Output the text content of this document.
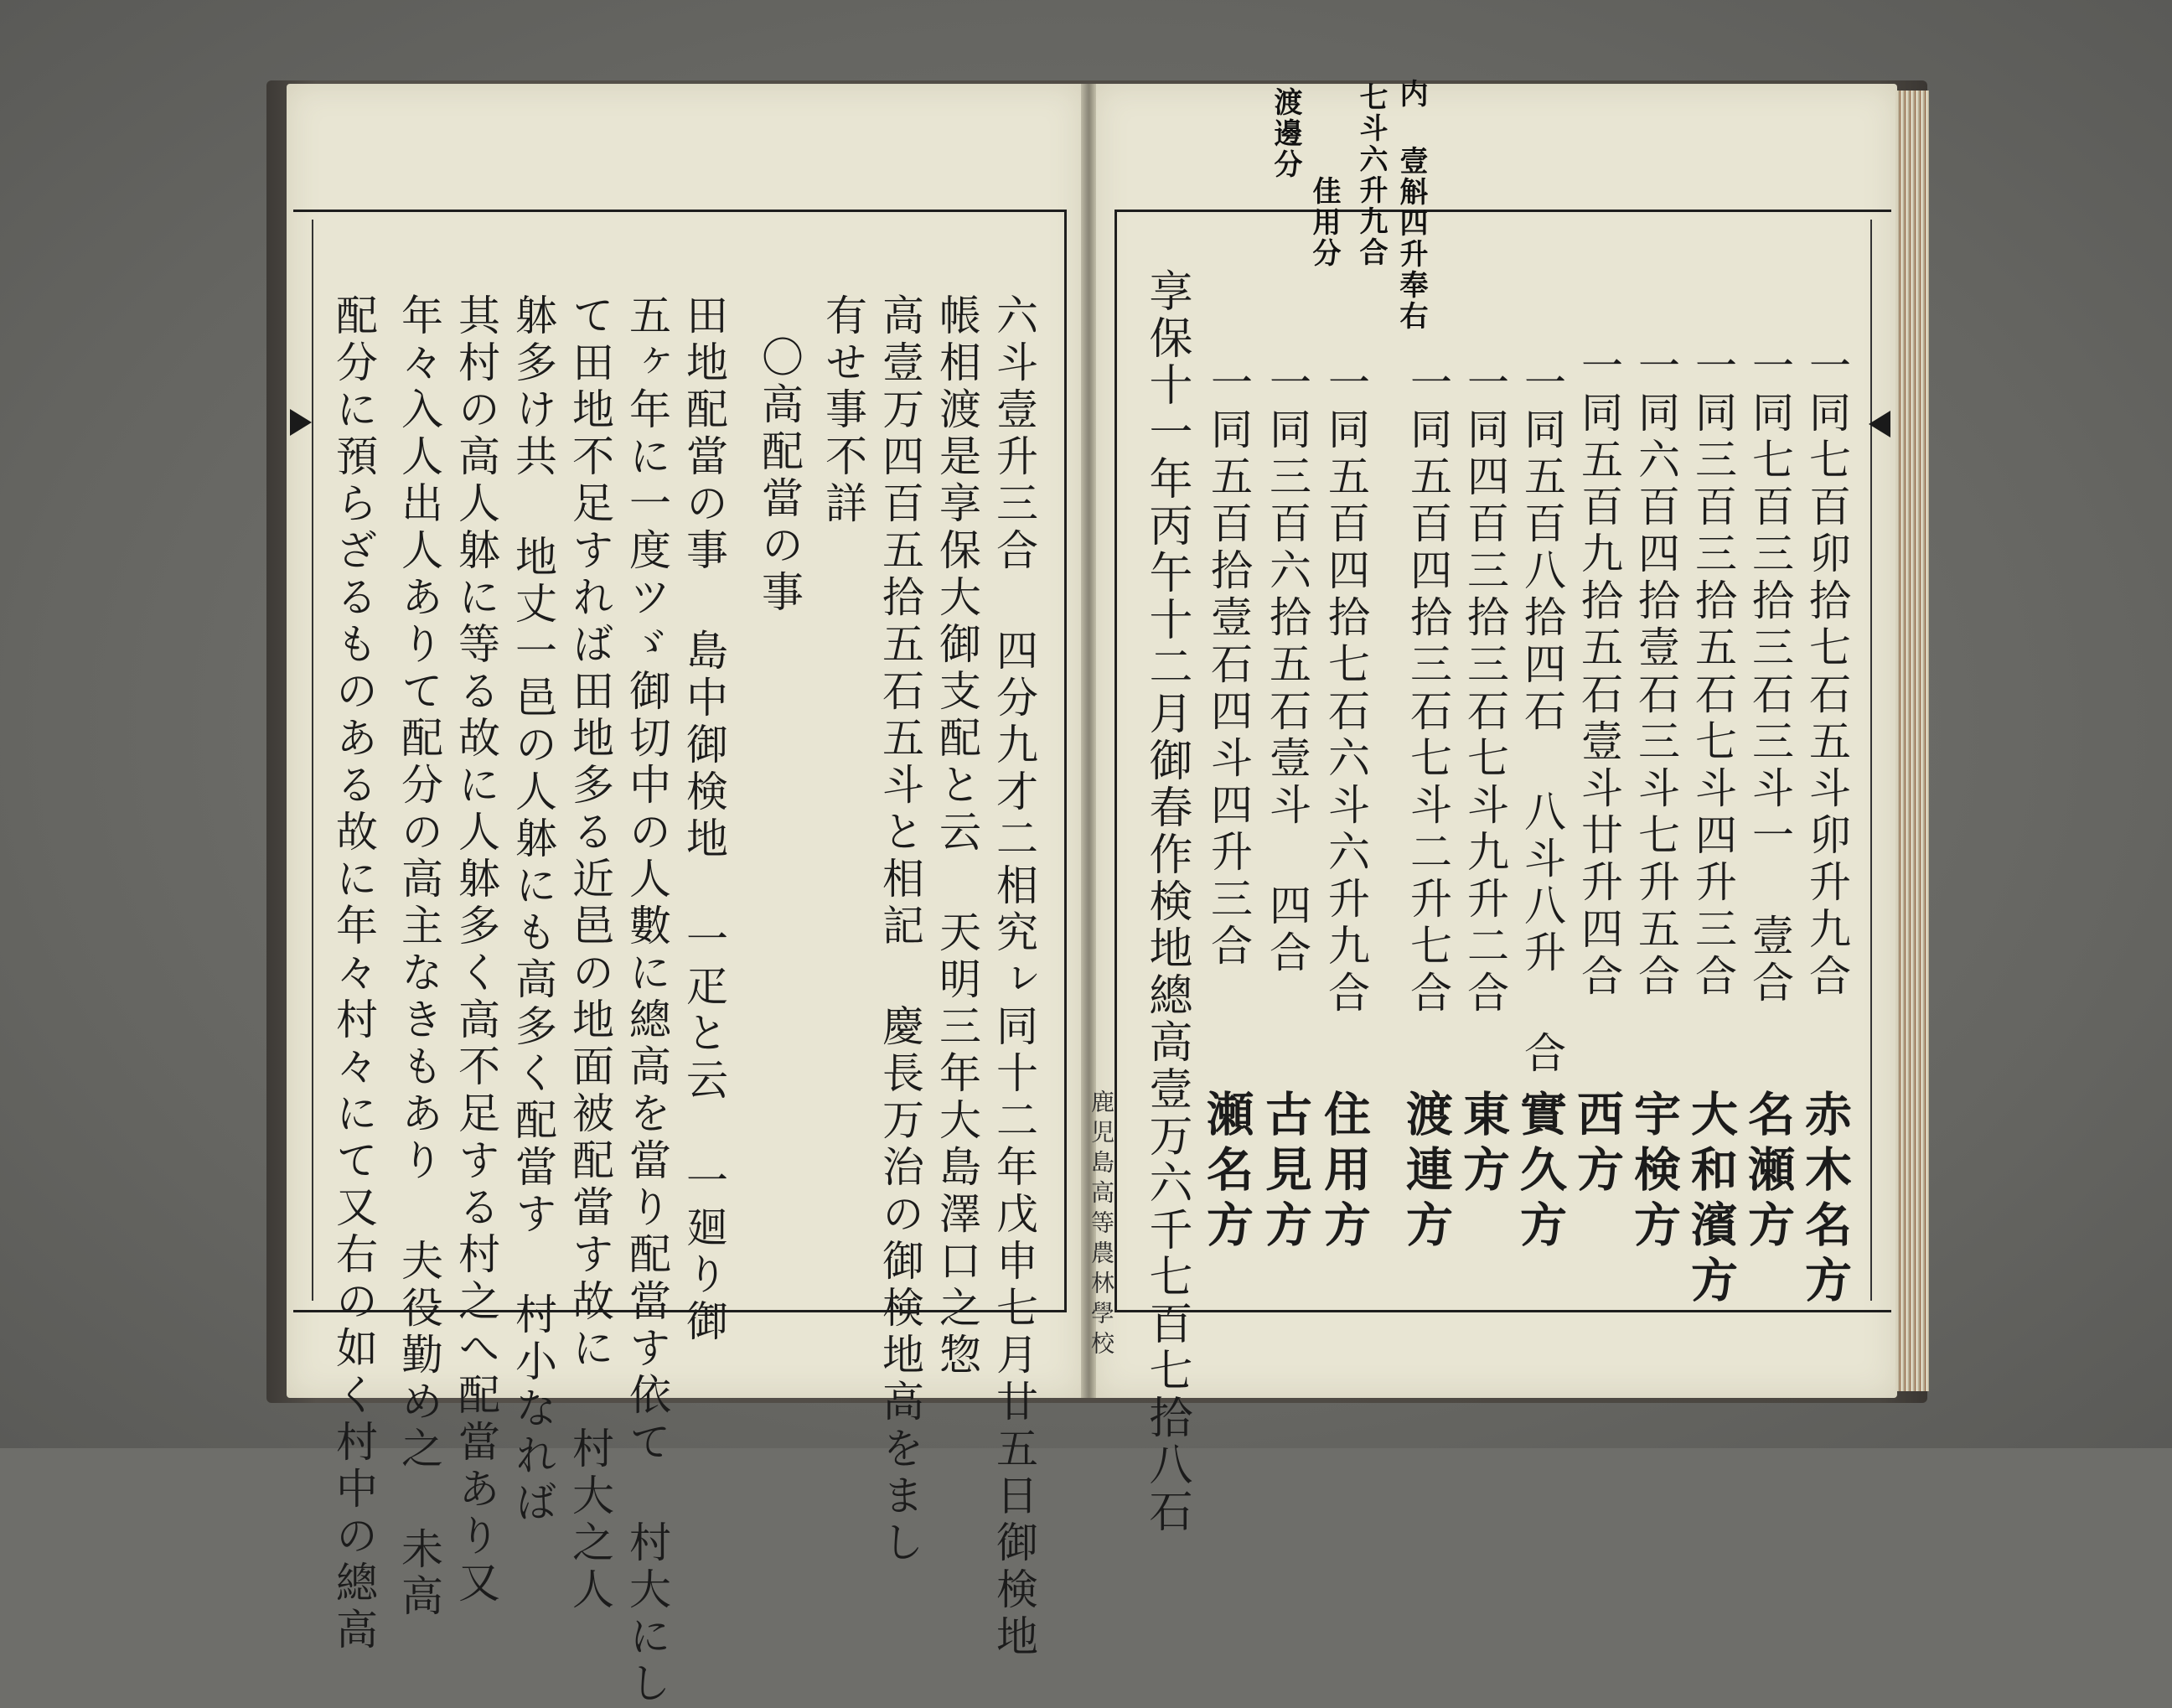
六斗壹升三合 四分九才二相究ㇾ同十二年戊申七月廿五日御検地
帳相渡是享保大御支配と云 天明三年大島澤口之惣
高壹万四百五拾五石五斗と相記 慶長万治の御検地高をまし
有せ事不詳
〇高配當の事
田地配當の事 島中御検地 一疋と云 一廻り御
五ヶ年に一度ツゞ御切中の人數に總高を當り配當す依て 村大にし
て田地不足すれば田地多る近邑の地面被配當す故に 村大之人
躰多け共 地丈一邑の人躰にも高多く配當す 村小なれば
其村の高人躰に等る故に人躰多く高不足する村之へ配當あり又
年々入人出人ありて配分の高主なきもあり 夫役勤め之 未高
配分に預らざるものある故に年々村々にて又右の如く村中の總高
内 壹斛四升奉右
七斗六升九合
佳用分
渡邊分
一同七百卯拾七石五斗卯升九合
赤木名方
一同七百三拾三石三斗一 壹合
名瀬方
一同三百三拾五石七斗四升三合
大和濱方
一同六百四拾壹石三斗七升五合
宇検方
一同五百九拾五石壹斗廿升四合
西方
一同五百八拾四石 八斗八升 合
實久方
一同四百三拾三石七斗九升二合
東方
一同五百四拾三石七斗二升七合
渡連方
一同五百四拾七石六斗六升九合
住用方
一同三百六拾五石壹斗 四合
古見方
一同五百拾壹石四斗四升三合
瀬名方
享保十一年丙午十二月御春作検地總高壹万六千七百七拾八石
鹿児島高等農林學校
